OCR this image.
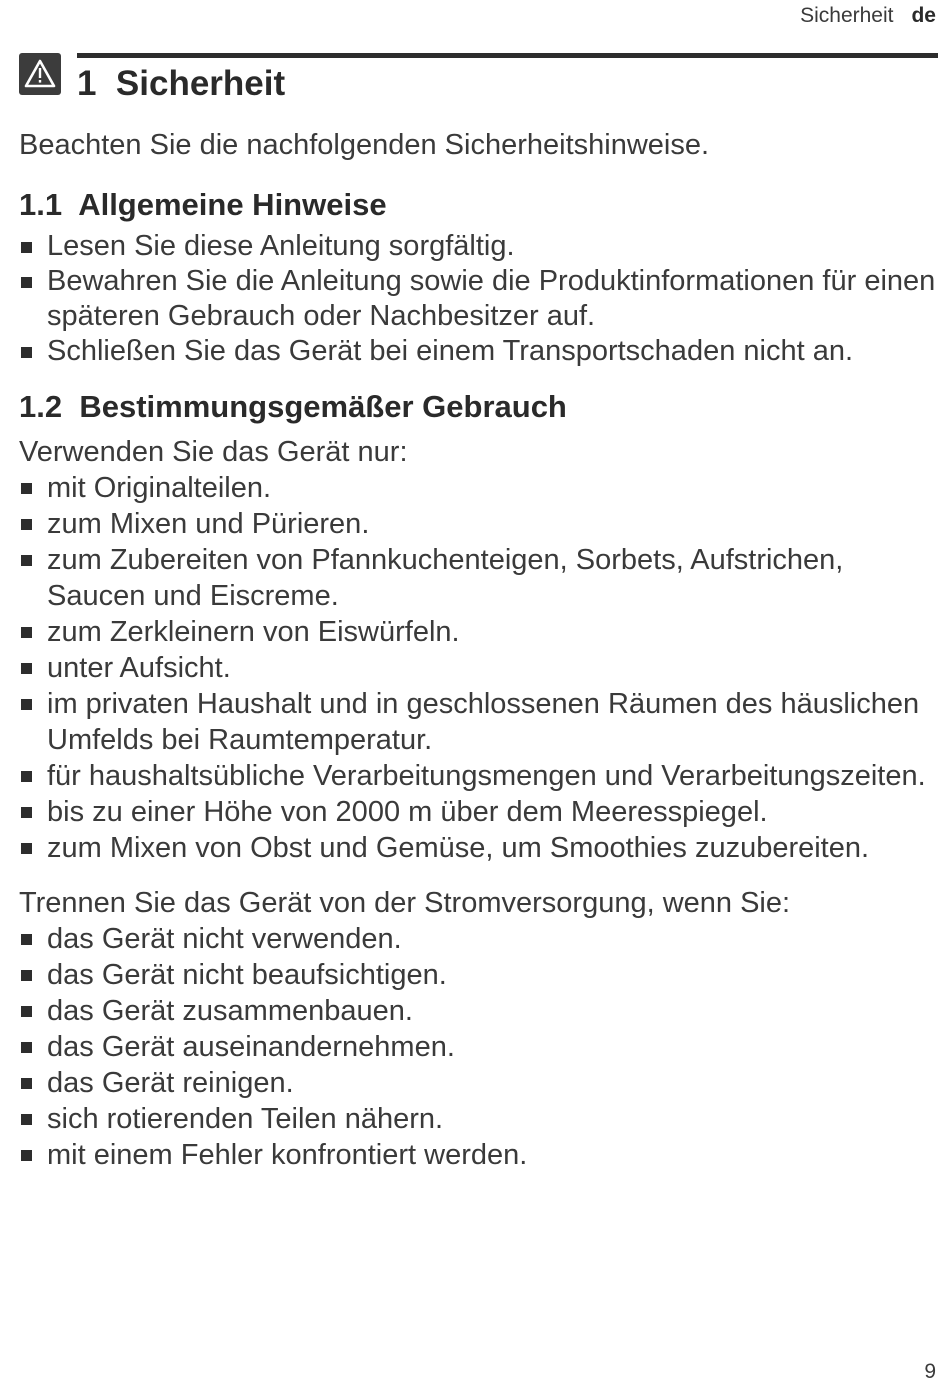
Sicherheit de
1 Sicherheit

Beachten Sie die nachfolgenden Sicherheitshinweise.

1.1 Allgemeine Hinweise
Lesen Sie diese Anleitung sorgfältig.
Bewahren Sie die Anleitung sowie die Produktinformationen für einen späteren Gebrauch oder Nachbesitzer auf.
Schließen Sie das Gerät bei einem Transportschaden nicht an.
1.2 Bestimmungsgemäßer Gebrauch

Verwenden Sie das Gerät nur:

mit Originalteilen.
zum Mixen und Pürieren.
zum Zubereiten von Pfannkuchenteigen, Sorbets, Aufstrichen, Saucen und Eiscreme.
zum Zerkleinern von Eiswürfeln.
unter Aufsicht.
im privaten Haushalt und in geschlossenen Räumen des häuslichen Umfelds bei Raumtemperatur.
für haushaltsübliche Verarbeitungsmengen und Verarbeitungszeiten.
bis zu einer Höhe von 2000 m über dem Meeresspiegel.
zum Mixen von Obst und Gemüse, um Smoothies zuzubereiten.

Trennen Sie das Gerät von der Stromversorgung, wenn Sie:

das Gerät nicht verwenden.
das Gerät nicht beaufsichtigen.
das Gerät zusammenbauen.
das Gerät auseinandernehmen.
das Gerät reinigen.
sich rotierenden Teilen nähern.
mit einem Fehler konfrontiert werden.
9
